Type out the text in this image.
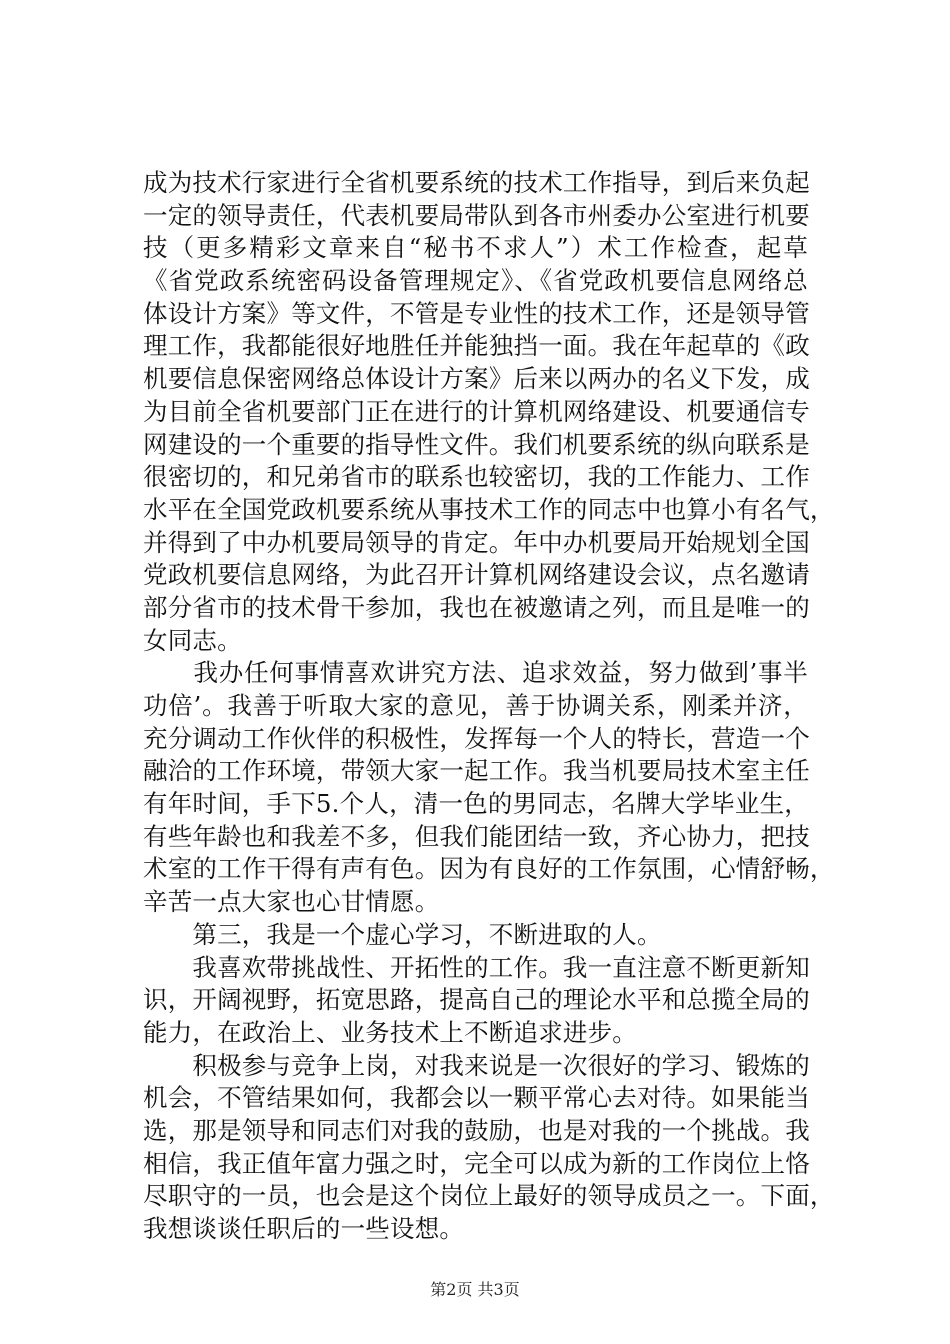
成为技术行家进行全省机要系统的技术工作指导，到后来负起
一定的领导责任，代表机要局带队到各市州委办公室进行机要
技（更多精彩文章来自“秘书不求人”）术工作检查，起草
《省党政系统密码设备管理规定》、《省党政机要信息网络总
体设计方案》等文件，不管是专业性的技术工作，还是领导管
理工作，我都能很好地胜任并能独挡一面。我在年起草的《政
机要信息保密网络总体设计方案》后来以两办的名义下发，成
为目前全省机要部门正在进行的计算机网络建设、机要通信专
网建设的一个重要的指导性文件。我们机要系统的纵向联系是
很密切的，和兄弟省市的联系也较密切，我的工作能力、工作
水平在全国党政机要系统从事技术工作的同志中也算小有名气，
并得到了中办机要局领导的肯定。年中办机要局开始规划全国
党政机要信息网络，为此召开计算机网络建设会议，点名邀请
部分省市的技术骨干参加，我也在被邀请之列，而且是唯一的
女同志。
　　我办任何事情喜欢讲究方法、追求效益，努力做到’事半
功倍’。我善于听取大家的意见，善于协调关系，刚柔并济，
充分调动工作伙伴的积极性，发挥每一个人的特长，营造一个
融洽的工作环境，带领大家一起工作。我当机要局技术室主任
有年时间，手下5.个人，清一色的男同志，名牌大学毕业生，
有些年龄也和我差不多，但我们能团结一致，齐心协力，把技
术室的工作干得有声有色。因为有良好的工作氛围，心情舒畅，
辛苦一点大家也心甘情愿。
　　第三，我是一个虚心学习，不断进取的人。
　　我喜欢带挑战性、开拓性的工作。我一直注意不断更新知
识，开阔视野，拓宽思路，提高自己的理论水平和总揽全局的
能力，在政治上、业务技术上不断追求进步。
　　积极参与竞争上岗，对我来说是一次很好的学习、锻炼的
机会，不管结果如何，我都会以一颗平常心去对待。如果能当
选，那是领导和同志们对我的鼓励，也是对我的一个挑战。我
相信，我正值年富力强之时，完全可以成为新的工作岗位上恪
尽职守的一员，也会是这个岗位上最好的领导成员之一。下面，
我想谈谈任职后的一些设想。
第2页 共3页
